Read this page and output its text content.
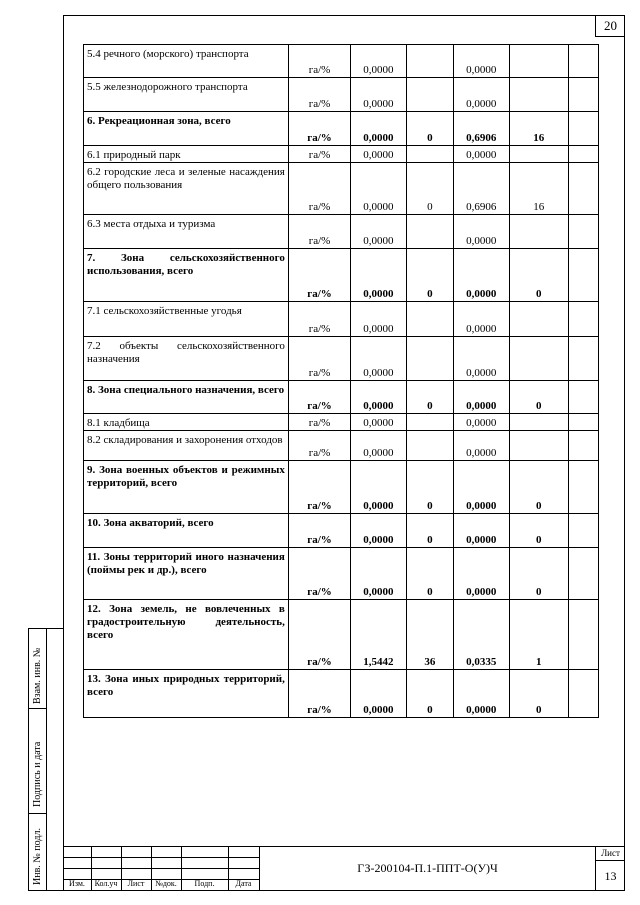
20
5.4 речного (морского) транспорта	га/%	0,0000		0,0000		
5.5 железнодорожного транспорта	га/%	0,0000		0,0000		
6. Рекреационная зона, всего	га/%	0,0000	0	0,6906	16	
6.1 природный парк	га/%	0,0000		0,0000		
6.2 городские леса и зеленые насаждения общего пользования	га/%	0,0000	0	0,6906	16	
6.3 места отдыха и туризма	га/%	0,0000		0,0000		
7. Зона сельскохозяйственного использования, всего	га/%	0,0000	0	0,0000	0	
7.1 сельскохозяйственные угодья	га/%	0,0000		0,0000		
7.2 объекты сельскохозяйственного назначения	га/%	0,0000		0,0000		
8. Зона специального назначения, всего	га/%	0,0000	0	0,0000	0	
8.1 кладбища	га/%	0,0000		0,0000		
8.2 складирования и захоронения отходов	га/%	0,0000		0,0000		
9. Зона военных объектов и режимных территорий, всего	га/%	0,0000	0	0,0000	0	
10. Зона акваторий, всего	га/%	0,0000	0	0,0000	0	
11. Зоны территорий иного назначения (поймы рек и др.), всего	га/%	0,0000	0	0,0000	0	
12. Зона земель, не вовлеченных в градостроительную деятельность, всего	га/%	1,5442	36	0,0335	1	
13. Зона иных природных территорий, всего	га/%	0,0000	0	0,0000	0	
Взам. инв. №
Подпись и дата
Инв. № подл.	Изм.	Кол.уч	Лист	№док.	Подп.	Дата
ГЗ-200104-П.1-ППТ-О(У)Ч
Лист
13
